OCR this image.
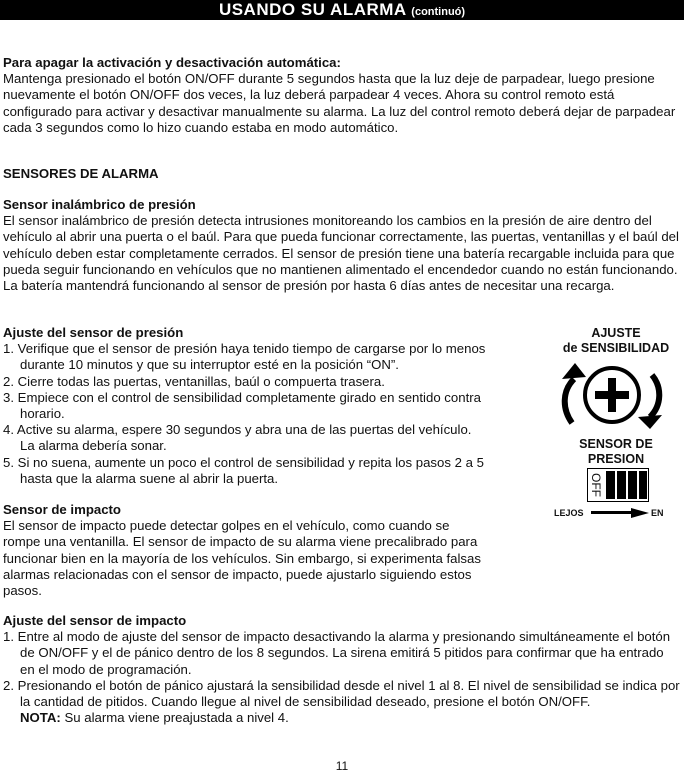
USANDO SU ALARMA (continuó)
Para apagar la activación y desactivación automática:

Mantenga presionado el botón ON/OFF durante 5 segundos hasta que la luz deje de parpadear, luego presione nuevamente el botón ON/OFF dos veces, la luz deberá parpadear 4 veces. Ahora su control remoto está configurado para activar y desactivar manualmente su alarma. La luz del control remoto deberá dejar de parpadear cada 3 segundos como lo hizo cuando estaba en modo automático.

SENSORES DE ALARMA
Sensor inalámbrico de presión

El sensor inalámbrico de presión detecta intrusiones monitoreando los cambios en la presión de aire dentro del vehículo al abrir una puerta o el baúl. Para que pueda funcionar correctamente, las puertas, ventanillas y el baúl del vehículo deben estar completamente cerrados. El sensor de presión tiene una batería recargable incluida para que pueda seguir funcionando en vehículos que no mantienen alimentado el encendedor cuando no están funcionando. La batería mantendrá funcionando al sensor de presión por hasta 6 días antes de necesitar una recarga.

Ajuste del sensor de presión
1. Verifique que el sensor de presión haya tenido tiempo de cargarse por lo menos durante 10 minutos y que su interruptor esté en la posición “ON”.
2. Cierre todas las puertas, ventanillas, baúl o compuerta trasera.
3. Empiece con el control de sensibilidad completamente girado en sentido contra horario.
4. Active su alarma, espere 30 segundos y abra una de las puertas del vehículo. La alarma debería sonar.
5. Si no suena, aumente un poco el control de sensibilidad y repita los pasos 2 a 5 hasta que la alarma suene al abrir la puerta.
Sensor de impacto

El sensor de impacto puede detectar golpes en el vehículo, como cuando se rompe una ventanilla. El sensor de impacto de su alarma viene precalibrado para funcionar bien en la mayoría de los vehículos. Sin embargo, si experimenta falsas alarmas relacionadas con el sensor de impacto, puede ajustarlo siguiendo estos pasos.

Ajuste del sensor de impacto
1. Entre al modo de ajuste del sensor de impacto desactivando la alarma y presionando simultáneamente el botón de ON/OFF y el de pánico dentro de los 8 segundos. La sirena emitirá 5 pitidos para confirmar que ha entrado en el modo de programación.
2. Presionando el botón de pánico ajustará la sensibilidad desde el nivel 1 al 8. El nivel de sensibilidad se indica por la cantidad de pitidos. Cuando llegue al nivel de sensibilidad deseado, presione el botón ON/OFF.

NOTA: Su alarma viene preajustada a nivel 4.

AJUSTE
de SENSIBILIDAD
SENSOR DE
PRESION
OFF
LEJOS	EN
11
